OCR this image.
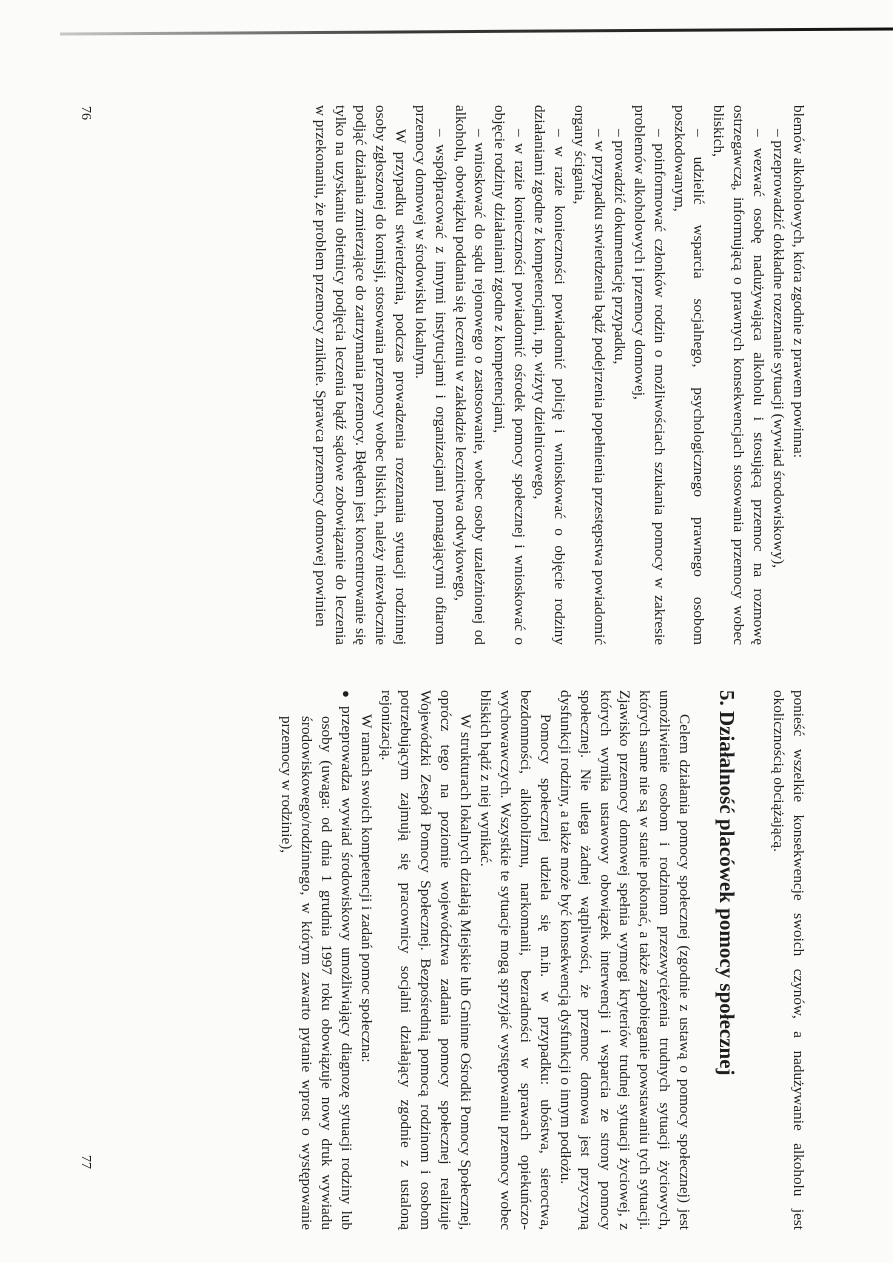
blemów alkoholowych, która zgodnie z prawem powinna:

– przeprowadzić dokładne rozeznanie sytuacji (wywiad środowiskowy),

– wezwać osobę nadużywająca alkoholu i stosującą przemoc na rozmowę ostrzegawczą, informującą o prawnych konsekwencjach stosowania przemocy wobec bliskich,

– udzielić wsparcia socjalnego, psychologicznego prawnego osobom poszkodowanym,

– poinformować członków rodzin o możliwościach szukania pomocy w zakresie problemów alkoholowych i przemocy domowej,

– prowadzić dokumentację przypadku,

– w przypadku stwierdzenia bądź podejrzenia popełnienia przestępstwa powiadomić organy ścigania,

– w razie konieczności powiadomić policję i wnioskować o objęcie rodziny działaniami zgodne z kompetencjami, np. wizyty dzielnicowego,

– w razie konieczności powiadomić ośrodek pomocy społecznej i wnioskować o objęcie rodziny działaniami zgodne z kompetencjami,

– wnioskować do sądu rejonowego o zastosowanie, wobec osoby uzależnionej od alkoholu, obowiązku poddania się leczeniu w zakładzie lecznictwa odwykowego,

– współpracować z innymi instytucjami i organizacjami pomagającymi ofiarom przemocy domowej w środowisku lokalnym.

W przypadku stwierdzenia, podczas prowadzenia rozeznania sytuacji rodzinnej osoby zgłoszonej do komisji, stosowania przemocy wobec bliskich, należy niezwłocznie podjąć działania zmierzające do zatrzymania przemocy. Błędem jest koncentrowanie się tylko na uzyskaniu obietnicy podjęcia leczenia bądź sądowe zobowiązanie do leczenia w przekonaniu, że problem przemocy zniknie. Sprawca przemocy domowej powinien

76

ponieść wszelkie konsekwencje swoich czynów, a nadużywanie alkoholu jest okolicznością obciążającą.

5. Działalność placówek pomocy społecznej

Celem działania pomocy społecznej (zgodnie z ustawą o pomocy społecznej) jest umożliwienie osobom i rodzinom przezwyciężenia trudnych sytuacji życiowych, których same nie są w stanie pokonać, a także zapobieganie powstawaniu tych sytuacji. Zjawisko przemocy domowej spełnia wymogi kryteriów trudnej sytuacji życiowej, z których wynika ustawowy obowiązek interwencji i wsparcia ze strony pomocy społecznej. Nie ulega żadnej wątpliwości, że przemoc domowa jest przyczyną dysfunkcji rodziny, a także może być konsekwencją dysfunkcji o innym podłożu.

Pomocy społecznej udziela się m.in. w przypadku: ubóstwa, sieroctwa, bezdomności, alkoholizmu, narkomanii, bezradności w sprawach opiekuńczo-wychowawczych. Wszystkie te sytuacje mogą sprzyjać występowaniu przemocy wobec bliskich bądź z niej wynikać.

W strukturach lokalnych działają Miejskie lub Gminne Ośrodki Pomocy Społecznej, oprócz tego na poziomie województwa zadania pomocy społecznej realizuje Wojewódzki Zespół Pomocy Społecznej. Bezpośrednią pomocą rodzinom i osobom potrzebującym zajmują się pracownicy socjalni działający zgodnie z ustaloną rejonizacją.

W ramach swoich kompetencji i zadań pomoc społeczna:

●
przeprowadza wywiad środowiskowy umożliwiający diagnozę sytuacji rodziny lub osoby (uwaga: od dnia 1 grudnia 1997 roku obowiązuje nowy druk wywiadu środowiskowego/rodzinnego, w którym zawarto pytanie wprost o występowanie przemocy w rodzinie),

77
